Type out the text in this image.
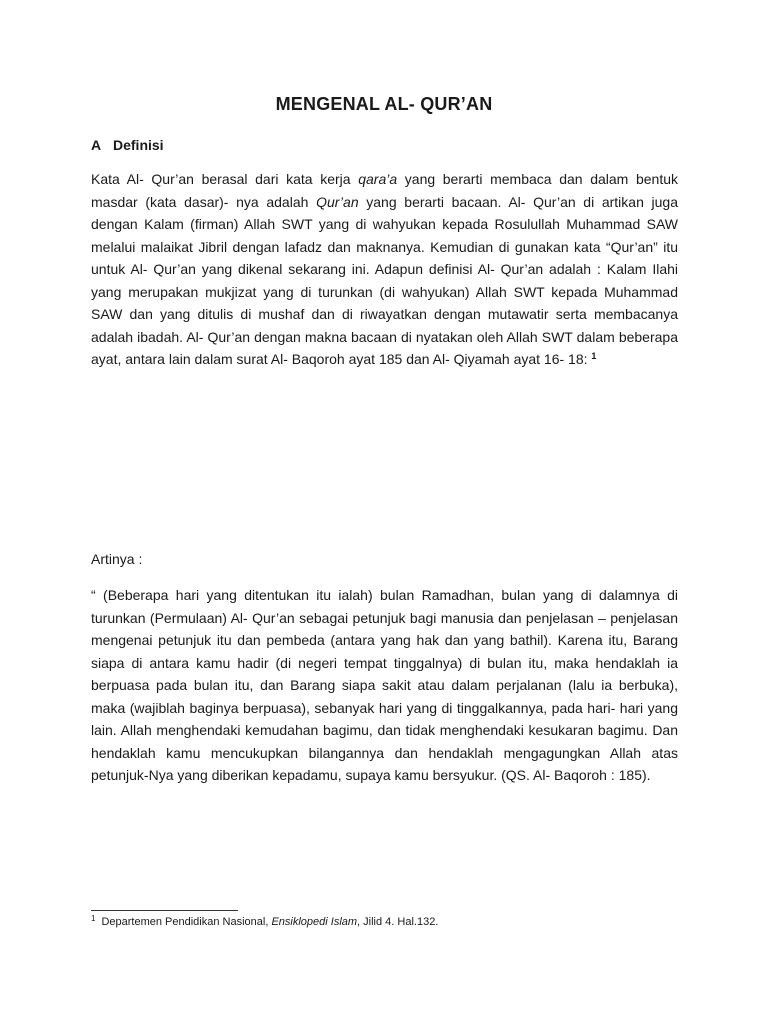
MENGENAL AL- QUR’AN
A Definisi

Kata Al- Qur’an berasal dari kata kerja qara’a yang berarti membaca dan dalam bentuk masdar (kata dasar)- nya adalah Qur’an yang berarti bacaan. Al- Qur’an di artikan juga dengan Kalam (firman) Allah SWT yang di wahyukan kepada Rosulullah Muhammad SAW melalui malaikat Jibril dengan lafadz dan maknanya. Kemudian di gunakan kata “Qur’an” itu untuk Al- Qur’an yang dikenal sekarang ini. Adapun definisi Al- Qur’an adalah : Kalam Ilahi yang merupakan mukjizat yang di turunkan (di wahyukan) Allah SWT kepada Muhammad SAW dan yang ditulis di mushaf dan di riwayatkan dengan mutawatir serta membacanya adalah ibadah. Al- Qur’an dengan makna bacaan di nyatakan oleh Allah SWT dalam beberapa ayat, antara lain dalam surat Al- Baqoroh ayat 185 dan Al- Qiyamah ayat 16- 18: $^1$

Artinya :

“ (Beberapa hari yang ditentukan itu ialah) bulan Ramadhan, bulan yang di dalamnya di turunkan (Permulaan) Al- Qur’an sebagai petunjuk bagi manusia dan penjelasan – penjelasan mengenai petunjuk itu dan pembeda (antara yang hak dan yang bathil). Karena itu, Barang siapa di antara kamu hadir (di negeri tempat tinggalnya) di bulan itu, maka hendaklah ia berpuasa pada bulan itu, dan Barang siapa sakit atau dalam perjalanan (lalu ia berbuka), maka (wajiblah baginya berpuasa), sebanyak hari yang di tinggalkannya, pada hari- hari yang lain. Allah menghendaki kemudahan bagimu, dan tidak menghendaki kesukaran bagimu. Dan hendaklah kamu mencukupkan bilangannya dan hendaklah mengagungkan Allah atas petunjuk-Nya yang diberikan kepadamu, supaya kamu bersyukur. (QS. Al- Baqoroh : 185).

$^1$ Departemen Pendidikan Nasional, Ensiklopedi Islam, Jilid 4. Hal.132.
